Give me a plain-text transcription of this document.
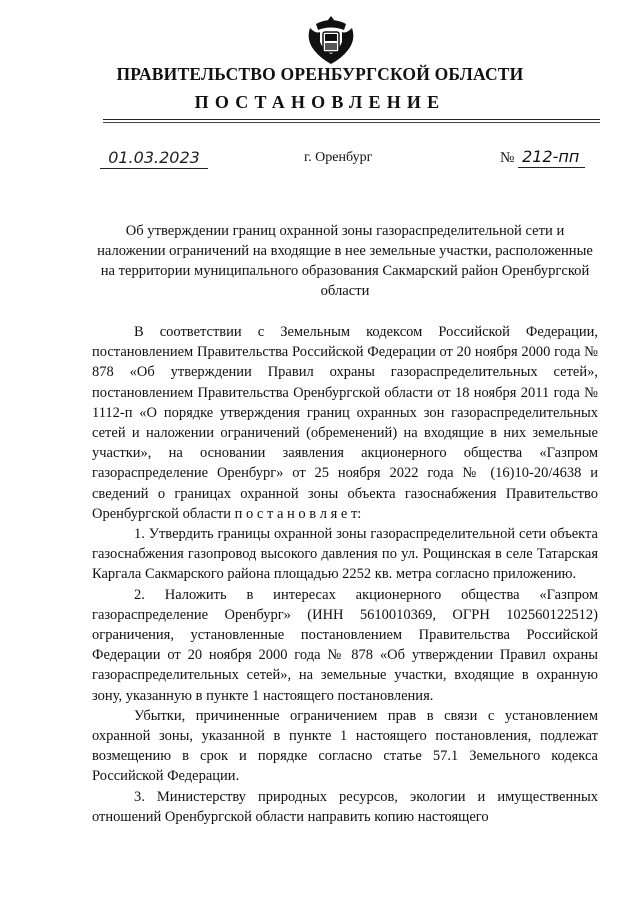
ПРАВИТЕЛЬСТВО ОРЕНБУРГСКОЙ ОБЛАСТИ
ПОСТАНОВЛЕНИЕ
01.03.2023	г. Оренбург	№ 212-пп
Об утверждении границ охранной зоны газораспределительной сети и наложении ограничений на входящие в нее земельные участки, расположенные на территории муниципального образования Сакмарский район Оренбургской области

В соответствии с Земельным кодексом Российской Федерации, постановлением Правительства Российской Федерации от 20 ноября 2000 года № 878 «Об утверждении Правил охраны газораспределительных сетей», постановлением Правительства Оренбургской области от 18 ноября 2011 года № 1112-п «О порядке утверждения границ охранных зон газораспределительных сетей и наложении ограничений (обременений) на входящие в них земельные участки», на основании заявления акционерного общества «Газпром газораспределение Оренбург» от 25 ноября 2022 года № (16)10-20/4638 и сведений о границах охранной зоны объекта газоснабжения Правительство Оренбургской области п о с т а н о в л я е т:

1. Утвердить границы охранной зоны газораспределительной сети объекта газоснабжения газопровод высокого давления по ул. Рощинская в селе Татарская Каргала Сакмарского района площадью 2252 кв. метра согласно приложению.

2. Наложить в интересах акционерного общества «Газпром газораспределение Оренбург» (ИНН 5610010369, ОГРН 102560122512) ограничения, установленные постановлением Правительства Российской Федерации от 20 ноября 2000 года № 878 «Об утверждении Правил охраны газораспределительных сетей», на земельные участки, входящие в охранную зону, указанную в пункте 1 настоящего постановления.

Убытки, причиненные ограничением прав в связи с установлением охранной зоны, указанной в пункте 1 настоящего постановления, подлежат возмещению в срок и порядке согласно статье 57.1 Земельного кодекса Российской Федерации.

3. Министерству природных ресурсов, экологии и имущественных отношений Оренбургской области направить копию настоящего
